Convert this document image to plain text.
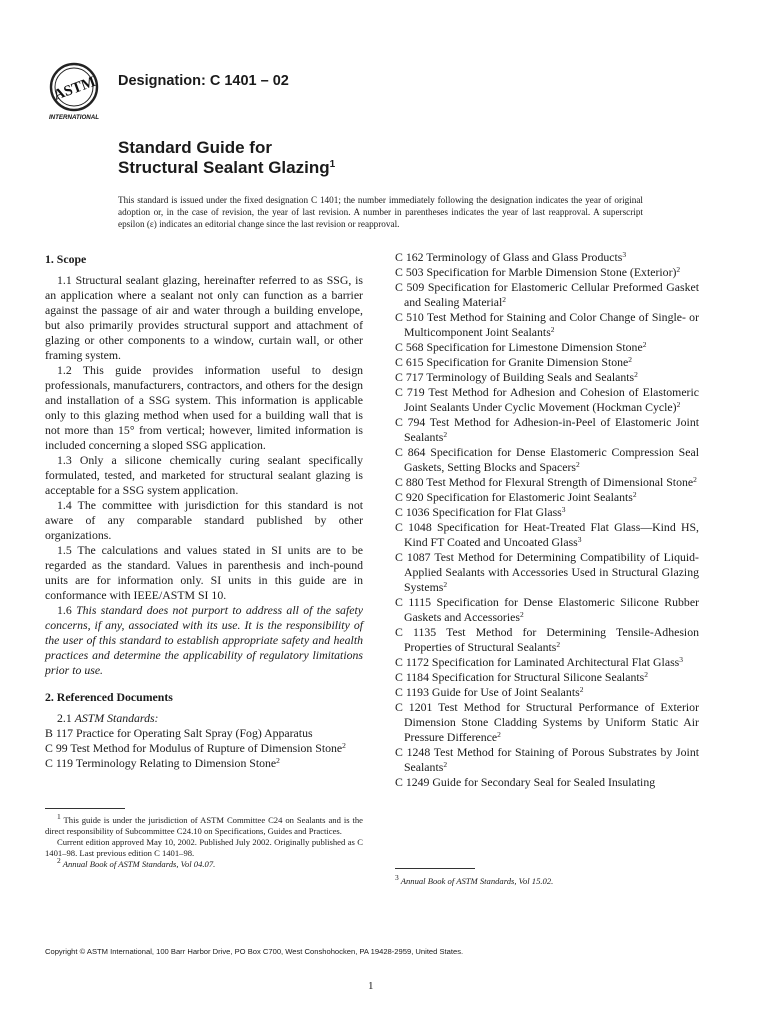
ASTM
INTERNATIONAL
Designation: C 1401 – 02
Standard Guide for
Structural Sealant Glazing$^1$
This standard is issued under the fixed designation C 1401; the number immediately following the designation indicates the year of original adoption or, in the case of revision, the year of last revision. A number in parentheses indicates the year of last reapproval. A superscript epsilon (ε) indicates an editorial change since the last revision or reapproval.
1. Scope
1.1 Structural sealant glazing, hereinafter referred to as SSG, is an application where a sealant not only can function as a barrier against the passage of air and water through a building envelope, but also primarily provides structural support and attachment of glazing or other components to a window, curtain wall, or other framing system.
1.2 This guide provides information useful to design professionals, manufacturers, contractors, and others for the design and installation of a SSG system. This information is applicable only to this glazing method when used for a building wall that is not more than 15° from vertical; however, limited information is included concerning a sloped SSG application.
1.3 Only a silicone chemically curing sealant specifically formulated, tested, and marketed for structural sealant glazing is acceptable for a SSG system application.
1.4 The committee with jurisdiction for this standard is not aware of any comparable standard published by other organizations.
1.5 The calculations and values stated in SI units are to be regarded as the standard. Values in parenthesis and inch-pound units are for information only. SI units in this guide are in conformance with IEEE/ASTM SI 10.
1.6 This standard does not purport to address all of the safety concerns, if any, associated with its use. It is the responsibility of the user of this standard to establish appropriate safety and health practices and determine the applicability of regulatory limitations prior to use.
2. Referenced Documents
2.1 ASTM Standards:
B 117 Practice for Operating Salt Spray (Fog) Apparatus
C 99 Test Method for Modulus of Rupture of Dimension Stone$^2$
C 119 Terminology Relating to Dimension Stone$^2$
C 162 Terminology of Glass and Glass Products$^3$
C 503 Specification for Marble Dimension Stone (Exterior)$^2$
C 509 Specification for Elastomeric Cellular Preformed Gasket and Sealing Material$^2$
C 510 Test Method for Staining and Color Change of Single- or Multicomponent Joint Sealants$^2$
C 568 Specification for Limestone Dimension Stone$^2$
C 615 Specification for Granite Dimension Stone$^2$
C 717 Terminology of Building Seals and Sealants$^2$
C 719 Test Method for Adhesion and Cohesion of Elastomeric Joint Sealants Under Cyclic Movement (Hockman Cycle)$^2$
C 794 Test Method for Adhesion-in-Peel of Elastomeric Joint Sealants$^2$
C 864 Specification for Dense Elastomeric Compression Seal Gaskets, Setting Blocks and Spacers$^2$
C 880 Test Method for Flexural Strength of Dimensional Stone$^2$
C 920 Specification for Elastomeric Joint Sealants$^2$
C 1036 Specification for Flat Glass$^3$
C 1048 Specification for Heat-Treated Flat Glass—Kind HS, Kind FT Coated and Uncoated Glass$^3$
C 1087 Test Method for Determining Compatibility of Liquid-Applied Sealants with Accessories Used in Structural Glazing Systems$^2$
C 1115 Specification for Dense Elastomeric Silicone Rubber Gaskets and Accessories$^2$
C 1135 Test Method for Determining Tensile-Adhesion Properties of Structural Sealants$^2$
C 1172 Specification for Laminated Architectural Flat Glass$^3$
C 1184 Specification for Structural Silicone Sealants$^2$
C 1193 Guide for Use of Joint Sealants$^2$
C 1201 Test Method for Structural Performance of Exterior Dimension Stone Cladding Systems by Uniform Static Air Pressure Difference$^2$
C 1248 Test Method for Staining of Porous Substrates by Joint Sealants$^2$
C 1249 Guide for Secondary Seal for Sealed Insulating
$^1$ This guide is under the jurisdiction of ASTM Committee C24 on Sealants and is the direct responsibility of Subcommittee C24.10 on Specifications, Guides and Practices.
Current edition approved May 10, 2002. Published July 2002. Originally published as C 1401–98. Last previous edition C 1401–98.
$^2$ Annual Book of ASTM Standards, Vol 04.07.
$^3$ Annual Book of ASTM Standards, Vol 15.02.
Copyright © ASTM International, 100 Barr Harbor Drive, PO Box C700, West Conshohocken, PA 19428-2959, United States.
1
